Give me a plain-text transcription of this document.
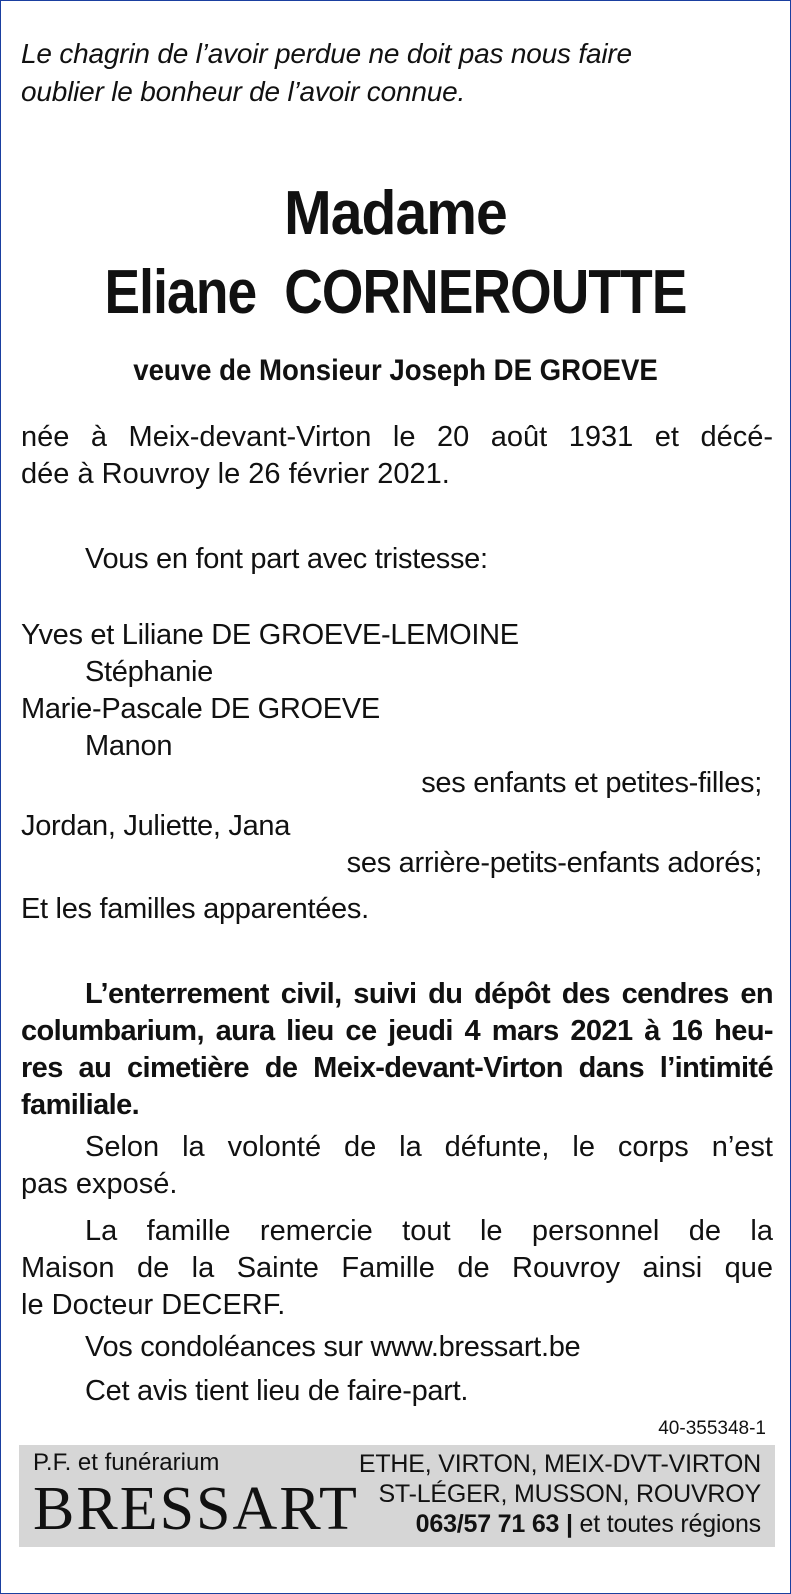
Le chagrin de l’avoir perdue ne doit pas nous faire
oublier le bonheur de l’avoir connue.
Madame
Eliane  CORNEROUTTE
veuve de Monsieur Joseph DE GROEVE
née à Meix-devant-Virton le 20 août 1931 et décé-
dée à Rouvroy le 26 février 2021.
Vous en font part avec tristesse:
Yves et Liliane DE GROEVE-LEMOINE
Stéphanie
Marie-Pascale DE GROEVE
Manon
ses enfants et petites-filles;
Jordan, Juliette, Jana
ses arrière-petits-enfants adorés;
Et les familles apparentées.
L’enterrement civil, suivi du dépôt des cendres en
columbarium, aura lieu ce jeudi 4 mars 2021 à 16 heu-
res au cimetière de Meix-devant-Virton dans l’intimité
familiale.
Selon la volonté de la défunte, le corps n’est
pas exposé.
La famille remercie tout le personnel de la
Maison de la Sainte Famille de Rouvroy ainsi que
le Docteur DECERF.
Vos condoléances sur www.bressart.be
Cet avis tient lieu de faire-part.
40-355348-1
P.F. et funérarium
BRESSART
ETHE, VIRTON, MEIX-DVT-VIRTON
ST-LÉGER, MUSSON, ROUVROY
063/57 71 63 | et toutes régions
